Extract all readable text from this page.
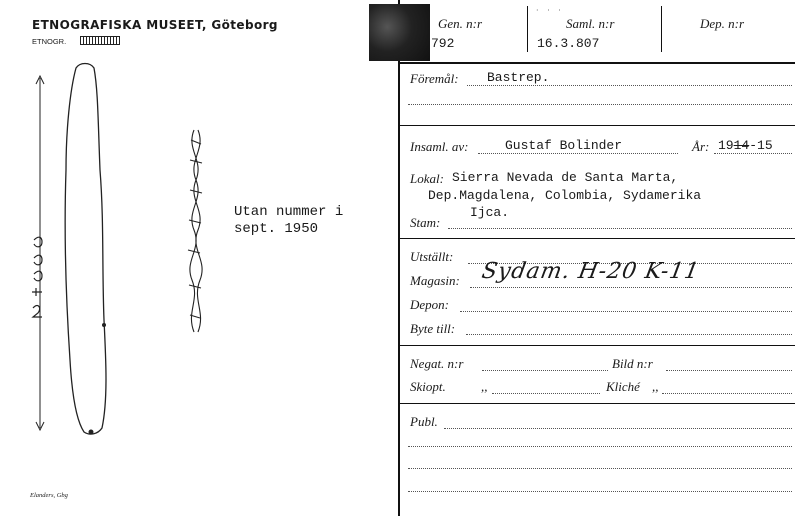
ETNOGRAFISKA MUSEET, Göteborg
ETNOGR.
Utan nummer i
sept. 1950
Elanders, Gbg
· · ·
Gen. n:r
792
Saml. n:r
16.3.807
Dep. n:r
Föremål: Bastrep.
Insaml. av:	Gustaf Bolinder	År: 1914-15
Lokal: Sierra Nevada de Santa Marta,
Dep.Magdalena, Colombia, Sydamerika
Ijca.
Stam:
Utställt:
Magasin: Sydam. H-20 K-11
Depon:
Byte till:
Negat. n:r	Bild n:r
Skiopt.	,,	Kliché ,,
Publ.
